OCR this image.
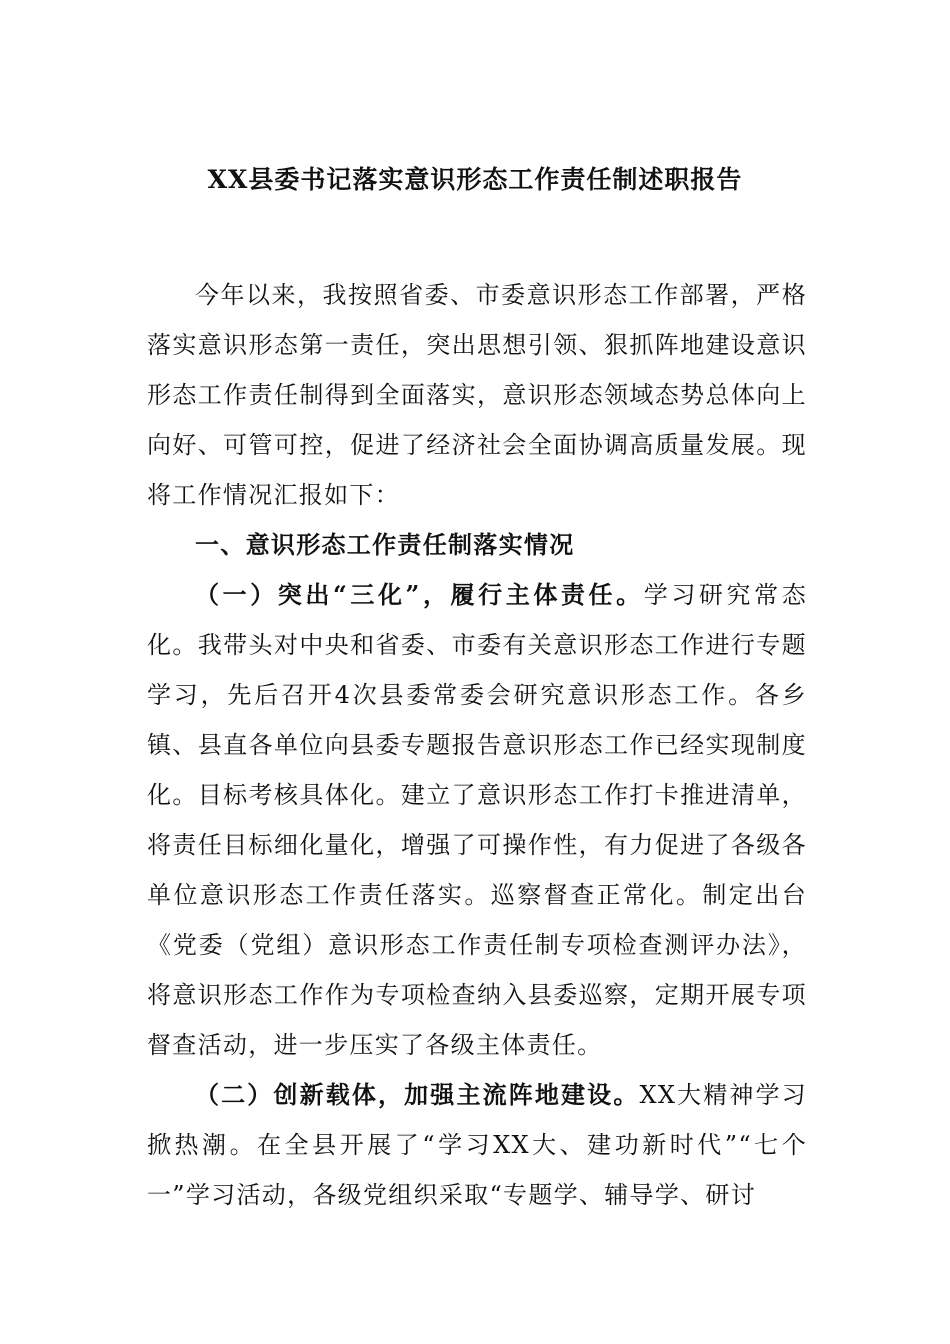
XX县委书记落实意识形态工作责任制述职报告

今年以来，我按照省委、市委意识形态工作部署，严格落实意识形态第一责任，突出思想引领、狠抓阵地建设意识形态工作责任制得到全面落实，意识形态领域态势总体向上向好、可管可控，促进了经济社会全面协调高质量发展。现将工作情况汇报如下：

一、意识形态工作责任制落实情况

（一）突出“三化”，履行主体责任。学习研究常态化。我带头对中央和省委、市委有关意识形态工作进行专题学习，先后召开4次县委常委会研究意识形态工作。各乡镇、县直各单位向县委专题报告意识形态工作已经实现制度化。目标考核具体化。建立了意识形态工作打卡推进清单，将责任目标细化量化，增强了可操作性，有力促进了各级各单位意识形态工作责任落实。巡察督查正常化。制定出台《党委（党组）意识形态工作责任制专项检查测评办法》，将意识形态工作作为专项检查纳入县委巡察，定期开展专项督查活动，进一步压实了各级主体责任。

（二）创新载体，加强主流阵地建设。XX大精神学习掀热潮。在全县开展了“学习XX大、建功新时代”“七个一”学习活动，各级党组织采取“专题学、辅导学、研讨
